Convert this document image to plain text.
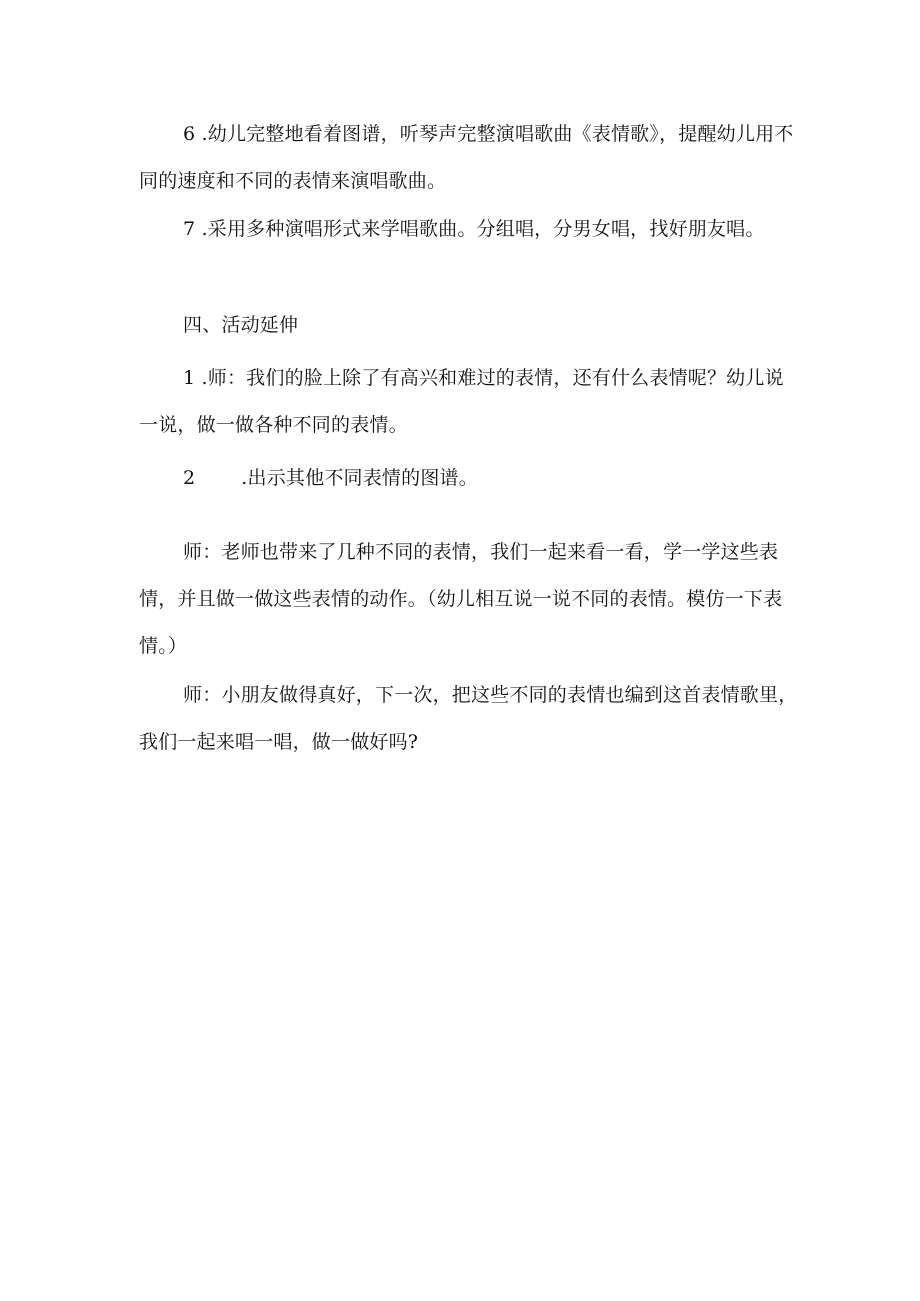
6 .幼儿完整地看着图谱，听琴声完整演唱歌曲《表情歌》，提醒幼儿用不同的速度和不同的表情来演唱歌曲。

7 .采用多种演唱形式来学唱歌曲。分组唱，分男女唱，找好朋友唱。

四、活动延伸

1 .师：我们的脸上除了有高兴和难过的表情，还有什么表情呢？幼儿说一说，做一做各种不同的表情。

2 .出示其他不同表情的图谱。

师：老师也带来了几种不同的表情，我们一起来看一看，学一学这些表情，并且做一做这些表情的动作。（幼儿相互说一说不同的表情。模仿一下表情。）

师：小朋友做得真好，下一次，把这些不同的表情也编到这首表情歌里，我们一起来唱一唱，做一做好吗?
